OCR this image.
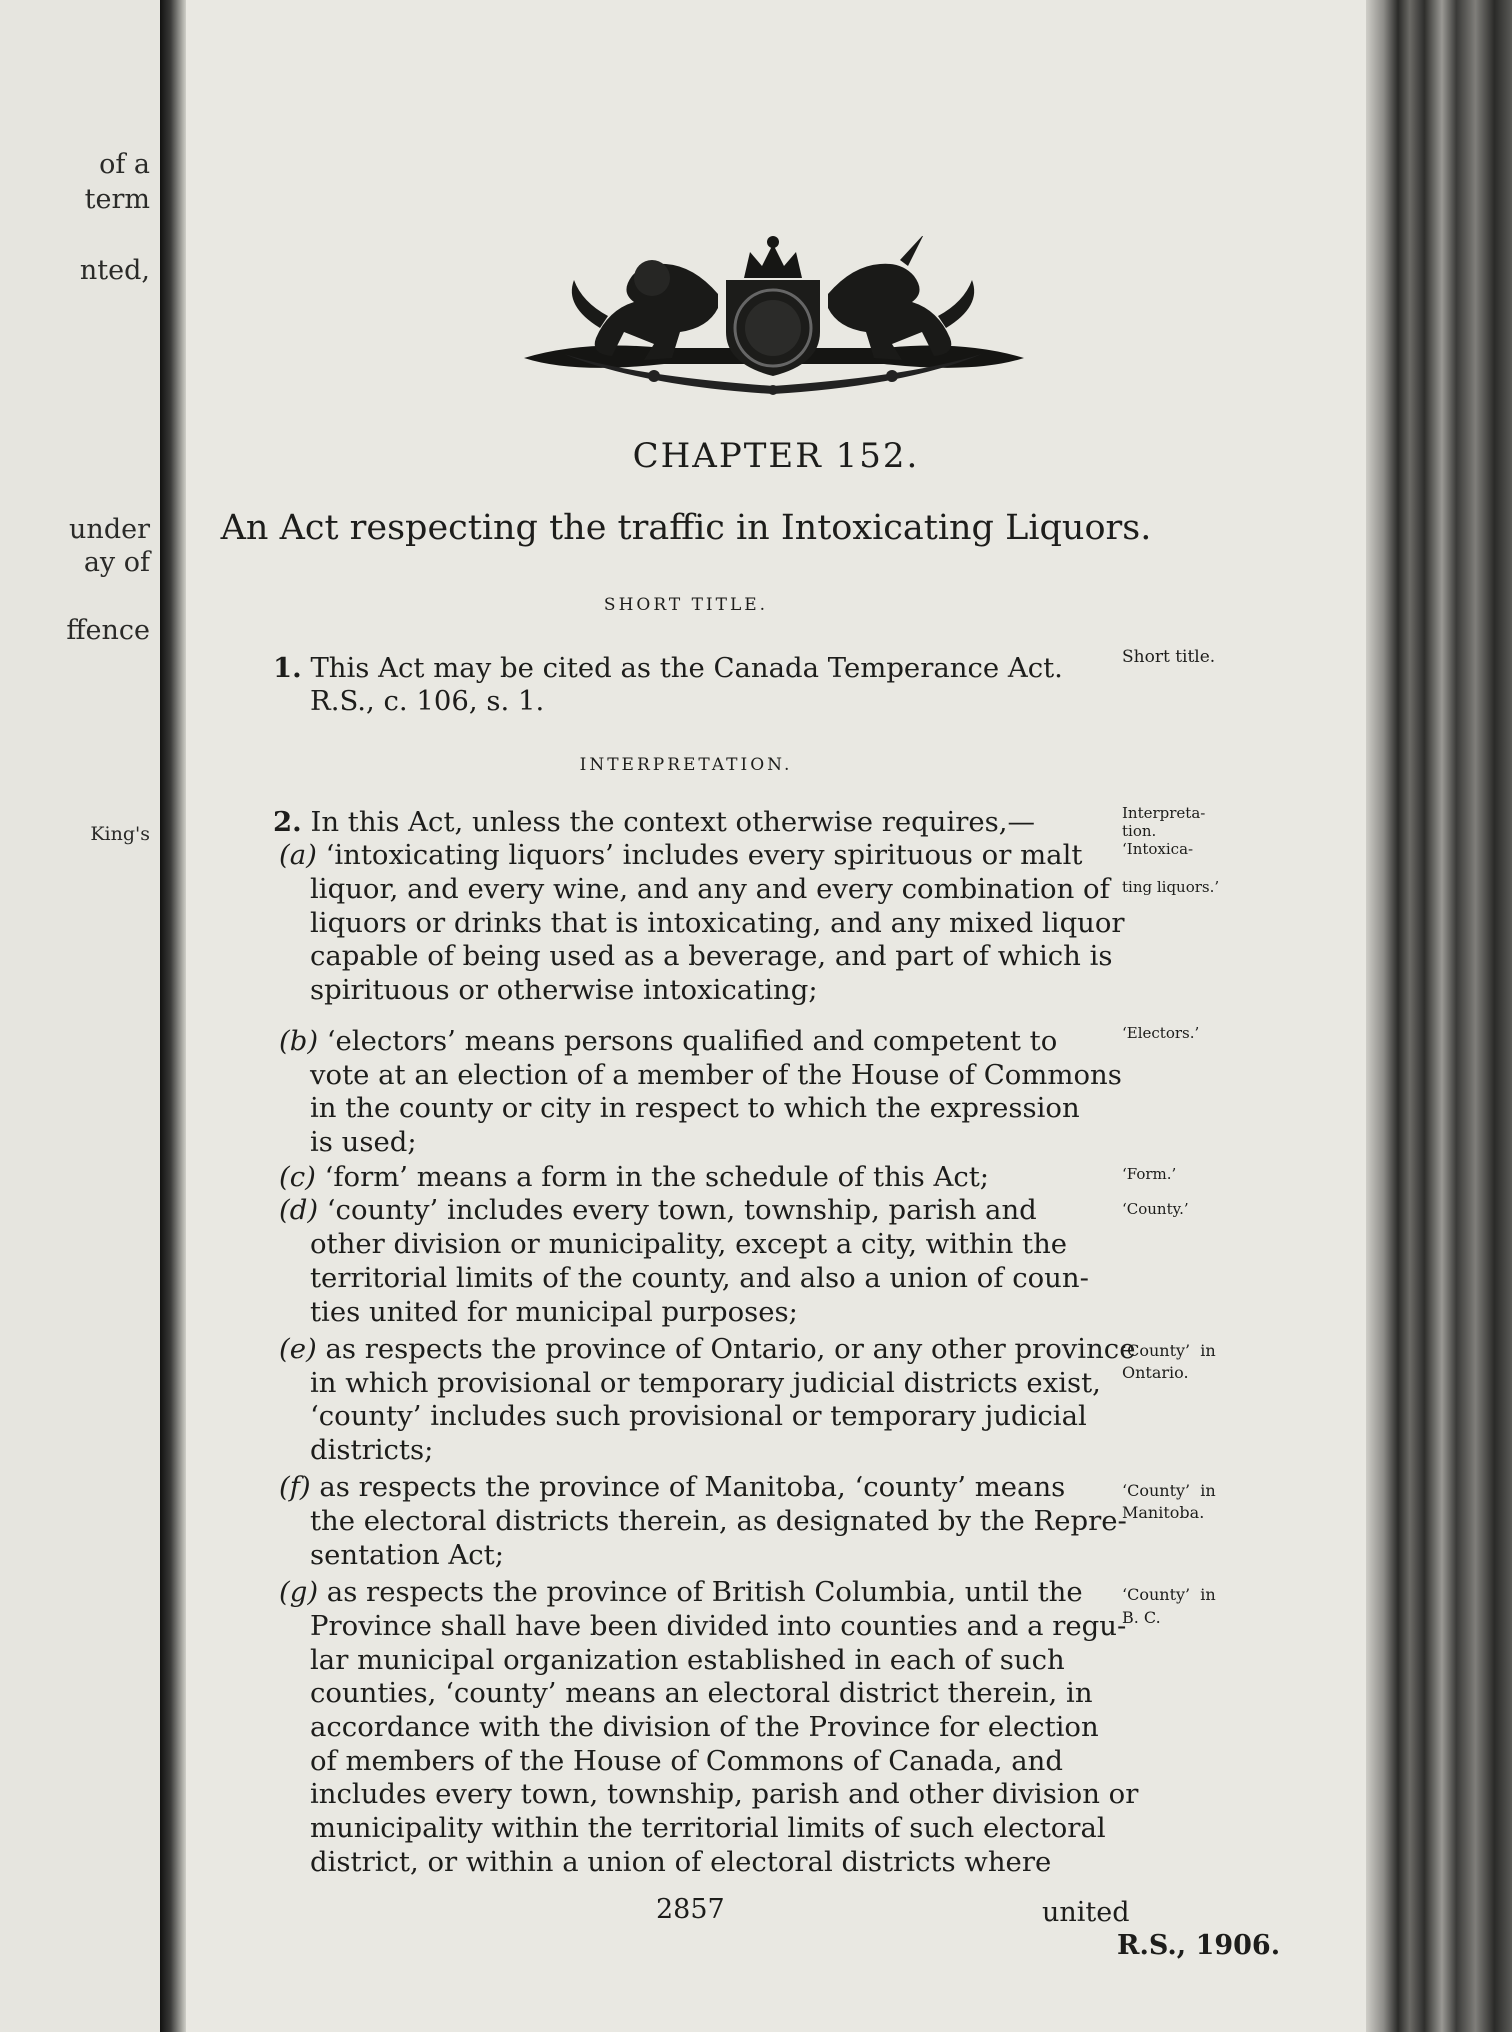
of a
term
nted,
under
ay of
ffence
King's
CHAPTER 152.
An Act respecting the traffic in Intoxicating Liquors.
SHORT TITLE.
INTERPRETATION.
1. This Act may be cited as the Canada Temperance Act.
R.S., c. 106, s. 1.
2. In this Act, unless the context otherwise requires,—
(a) ‘intoxicating liquors’ includes every spirituous or malt
liquor, and every wine, and any and every combination of
liquors or drinks that is intoxicating, and any mixed liquor
capable of being used as a beverage, and part of which is
spirituous or otherwise intoxicating;
(b) ‘electors’ means persons qualified and competent to
vote at an election of a member of the House of Commons
in the county or city in respect to which the expression
is used;
(c) ‘form’ means a form in the schedule of this Act;
(d) ‘county’ includes every town, township, parish and
other division or municipality, except a city, within the
territorial limits of the county, and also a union of coun-
ties united for municipal purposes;
(e) as respects the province of Ontario, or any other province
in which provisional or temporary judicial districts exist,
‘county’ includes such provisional or temporary judicial
districts;
(f) as respects the province of Manitoba, ‘county’ means
the electoral districts therein, as designated by the Repre-
sentation Act;
(g) as respects the province of British Columbia, until the
Province shall have been divided into counties and a regu-
lar municipal organization established in each of such
counties, ‘county’ means an electoral district therein, in
accordance with the division of the Province for election
of members of the House of Commons of Canada, and
includes every town, township, parish and other division or
municipality within the territorial limits of such electoral
district, or within a union of electoral districts where
Short title.
Interpreta-
tion.
‘Intoxica-
ting liquors.’
‘Electors.’
‘Form.’
‘County.’
‘County’  in
Ontario.
‘County’  in
Manitoba.
‘County’  in
B. C.
2857	united
R.S., 1906.
